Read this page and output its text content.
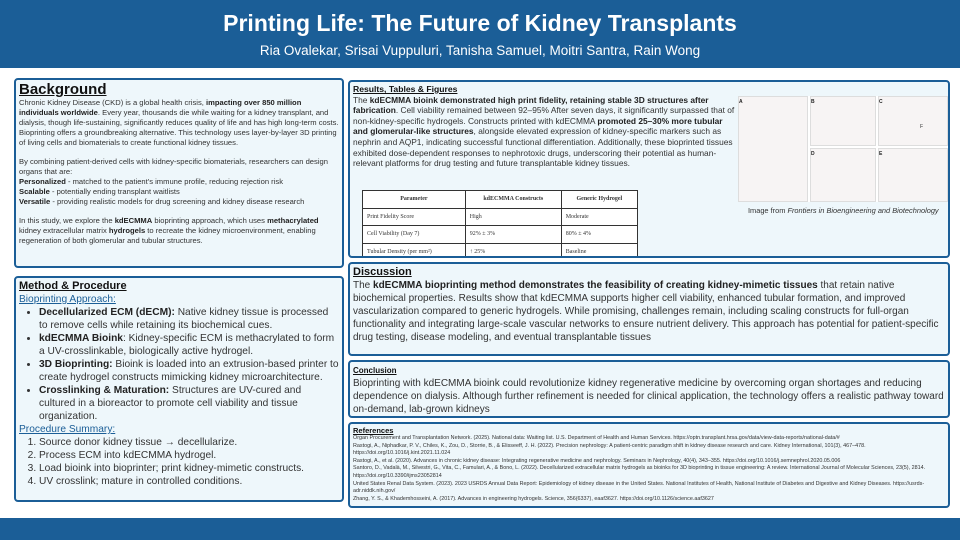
Printing Life: The Future of Kidney Transplants
Ria Ovalekar, Srisai Vuppuluri, Tanisha Samuel, Moitri Santra, Rain Wong
Background

Chronic Kidney Disease (CKD) is a global health crisis, impacting over 850 million individuals worldwide. Every year, thousands die while waiting for a kidney transplant, and dialysis, though life-sustaining, significantly reduces quality of life and has high long-term costs. Bioprinting offers a groundbreaking alternative. This technology uses layer-by-layer 3D printing of living cells and biomaterials to create functional kidney tissues.

By combining patient-derived cells with kidney-specific biomaterials, researchers can design organs that are:
Personalized - matched to the patient's immune profile, reducing rejection risk
Scalable - potentially ending transplant waitlists

Versatile - providing realistic models for drug screening and kidney disease research

In this study, we explore the kdECMMA bioprinting approach, which uses methacrylated kidney extracellular matrix hydrogels to recreate the kidney microenvironment, enabling regeneration of both glomerular and tubular structures.

Method & Procedure
Bioprinting Approach:
• Decellularized ECM (dECM): Native kidney tissue is processed to remove cells while retaining its biochemical cues.
• kdECMMA Bioink: Kidney-specific ECM is methacrylated to form a UV-crosslinkable, biologically active hydrogel.
• 3D Bioprinting: Bioink is loaded into an extrusion-based printer to create hydrogel constructs mimicking kidney microarchitecture.
• Crosslinking & Maturation: Structures are UV-cured and cultured in a bioreactor to promote cell viability and tissue organization.
Procedure Summary:
1. Source donor kidney tissue → decellularize.
2. Process ECM into kdECMMA hydrogel.
3. Load bioink into bioprinter; print kidney-mimetic constructs.
4. UV crosslink; mature in controlled conditions.
Results, Tables & Figures
The kdECMMA bioink demonstrated high print fidelity, retaining stable 3D structures after fabrication. Cell viability remained between 92–95% After seven days, it significantly surpassed that of non-kidney-specific hydrogels. Constructs printed with kdECMMA promoted 25–30% more tubular and glomerular-like structures, alongside elevated expression of kidney-specific markers such as nephrin and AQP1, indicating successful functional differentiation. Additionally, these bioprinted tissues exhibited dose-dependent responses to nephrotoxic drugs, underscoring their potential as human-relevant platforms for drug testing and future transplantable kidney tissues.
Parameter	kdECMMA Constructs	Generic Hydrogel
Print Fidelity Score	High	Moderate
Cell Viability (Day 7)	92% ± 3%	80% ± 4%
Tubular Density (per mm²)	↑ 25%	Baseline
A	B	C
D	E
Image from Frontiers in Bioengineering and Biotechnology
F
Discussion
The kdECMMA bioprinting method demonstrates the feasibility of creating kidney-mimetic tissues that retain native biochemical properties. Results show that kdECMMA supports higher cell viability, enhanced tubular formation, and improved vascularization compared to generic hydrogels. While promising, challenges remain, including scaling constructs for full-organ functionality and integrating large-scale vascular networks to ensure nutrient delivery. This approach has potential for patient-specific drug testing, disease modeling, and eventual transplantable tissues
Conclusion
Bioprinting with kdECMMA bioink could revolutionize kidney regenerative medicine by overcoming organ shortages and reducing dependence on dialysis. Although further refinement is needed for clinical application, the technology offers a realistic pathway toward on-demand, lab-grown kidneys
References
Organ Procurement and Transplantation Network. (2025). National data: Waiting list. U.S. Department of Health and Human Services. https://optn.transplant.hrsa.gov/data/view-data-reports/national-data/#
Rastogi, A., Niphadkar, P. V., Chiles, K., Zou, D., Storrie, B., & Elisseeff, J. H. (2022). Precision nephrology: A patient-centric paradigm shift in kidney disease research and care. Kidney International, 101(3), 467–478. https://doi.org/10.1016/j.kint.2021.11.024
Rastogi, A., et al. (2020). Advances in chronic kidney disease: Integrating regenerative medicine and nephrology. Seminars in Nephrology, 40(4), 343–355. https://doi.org/10.1016/j.semnephrol.2020.05.006
Santoro, D., Vadalà, M., Silvestri, G., Vita, C., Famulari, A., & Bono, L. (2022). Decellularized extracellular matrix hydrogels as bioinks for 3D bioprinting in tissue engineering: A review. International Journal of Molecular Sciences, 23(5), 2814. https://doi.org/10.3390/ijms23052814
United States Renal Data System. (2023). 2023 USRDS Annual Data Report: Epidemiology of kidney disease in the United States. National Institutes of Health, National Institute of Diabetes and Digestive and Kidney Diseases. https://usrds-adr.niddk.nih.gov/
Zhang, Y. S., & Khademhosseini, A. (2017). Advances in engineering hydrogels. Science, 356(6337), eaaf3627. https://doi.org/10.1126/science.aaf3627
